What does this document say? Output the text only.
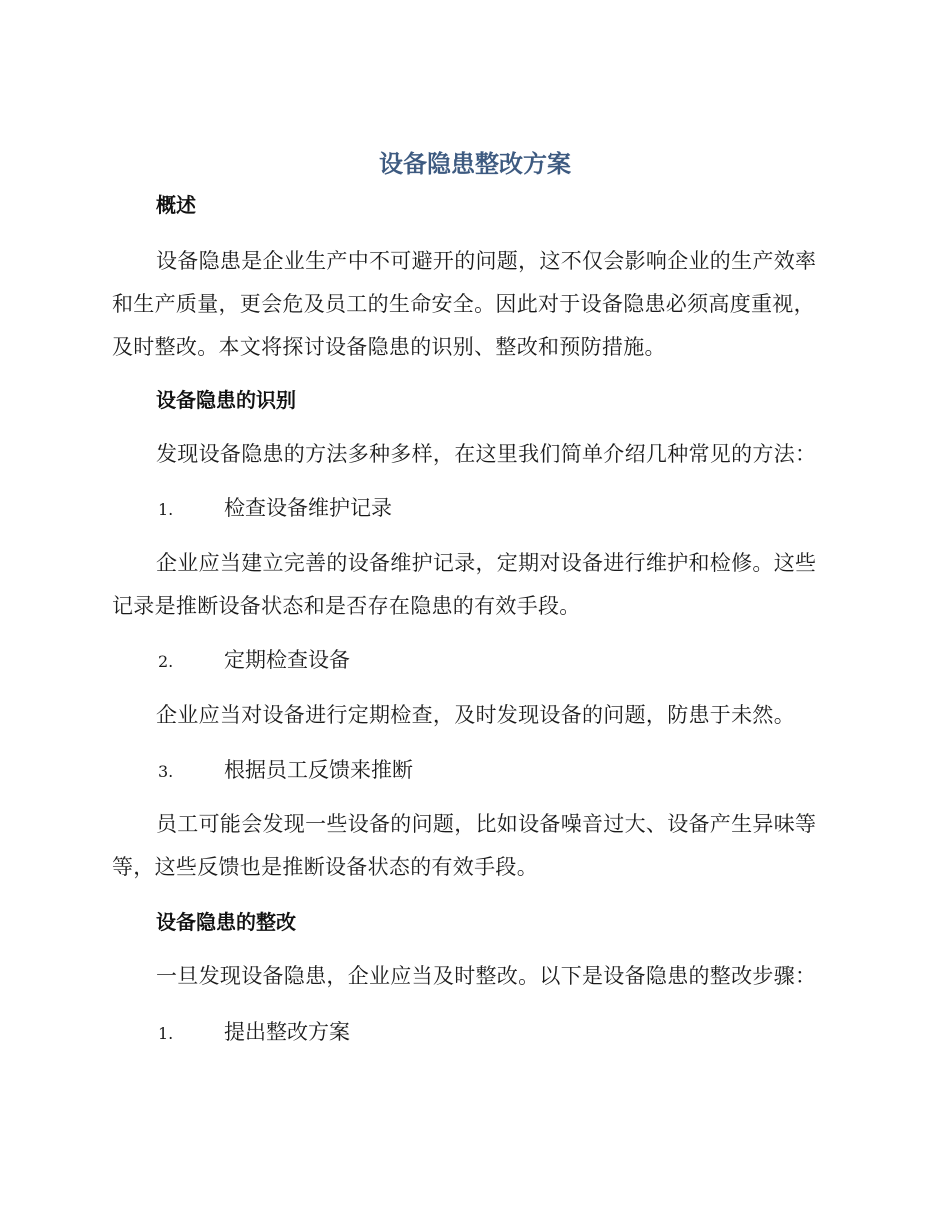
设备隐患整改方案
概述
设备隐患是企业生产中不可避开的问题，这不仅会影响企业的生产效率和生产质量，更会危及员工的生命安全。因此对于设备隐患必须高度重视，及时整改。本文将探讨设备隐患的识别、整改和预防措施。
设备隐患的识别
发现设备隐患的方法多种多样，在这里我们简单介绍几种常见的方法：
1. 检查设备维护记录
企业应当建立完善的设备维护记录，定期对设备进行维护和检修。这些记录是推断设备状态和是否存在隐患的有效手段。
2. 定期检查设备
企业应当对设备进行定期检查，及时发现设备的问题，防患于未然。
3. 根据员工反馈来推断
员工可能会发现一些设备的问题，比如设备噪音过大、设备产生异味等等，这些反馈也是推断设备状态的有效手段。
设备隐患的整改
一旦发现设备隐患，企业应当及时整改。以下是设备隐患的整改步骤：
1. 提出整改方案
